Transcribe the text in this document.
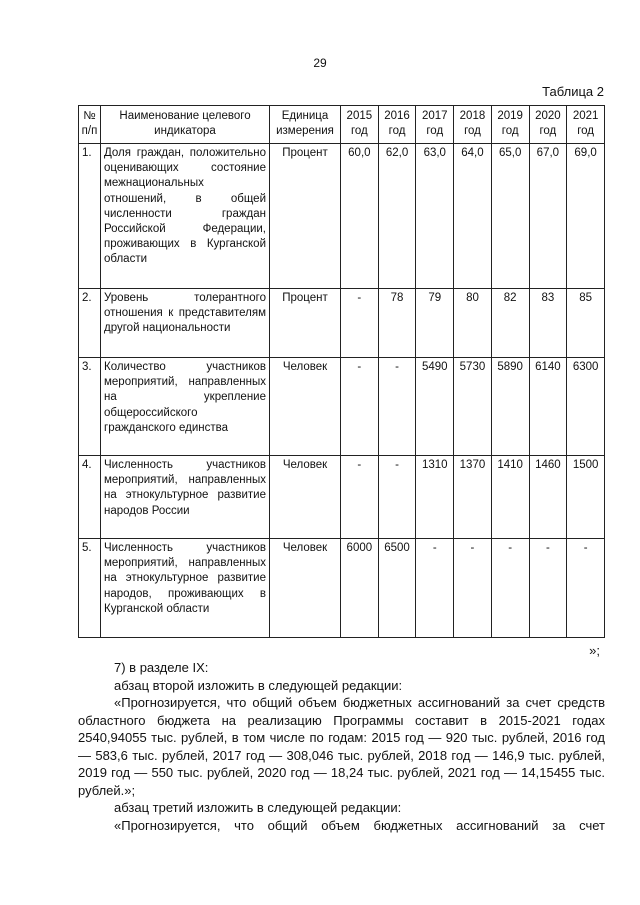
29
Таблица 2
№ п/п	Наименование целевого индикатора	Единица измерения	2015 год	2016 год	2017 год	2018 год	2019 год	2020 год	2021 год
1.	Доля граждан, положительно оценивающих состояние межнациональных отношений, в общей численности граждан Российской Федерации, проживающих в Курганской области	Процент	60,0	62,0	63,0	64,0	65,0	67,0	69,0
2.	Уровень толерантного отношения к представителям другой национальности	Процент	-	78	79	80	82	83	85
3.	Количество участников мероприятий, направленных на укрепление общероссийского гражданского единства	Человек	-	-	5490	5730	5890	6140	6300
4.	Численность участников мероприятий, направленных на этнокультурное развитие народов России	Человек	-	-	1310	1370	1410	1460	1500
5.	Численность участников мероприятий, направленных на этнокультурное развитие народов, проживающих в Курганской области	Человек	6000	6500	-	-	-	-	-
»;

7) в разделе IX:

абзац второй изложить в следующей редакции:

«Прогнозируется, что общий объем бюджетных ассигнований за счет средств областного бюджета на реализацию Программы составит в 2015-2021 годах 2540,94055 тыс. рублей, в том числе по годам: 2015 год — 920 тыс. рублей, 2016 год — 583,6 тыс. рублей, 2017 год — 308,046 тыс. рублей, 2018 год — 146,9 тыс. рублей, 2019 год — 550 тыс. рублей, 2020 год — 18,24 тыс. рублей, 2021 год — 14,15455 тыс. рублей.»;

абзац третий изложить в следующей редакции:

«Прогнозируется, что общий объем бюджетных ассигнований за счет
